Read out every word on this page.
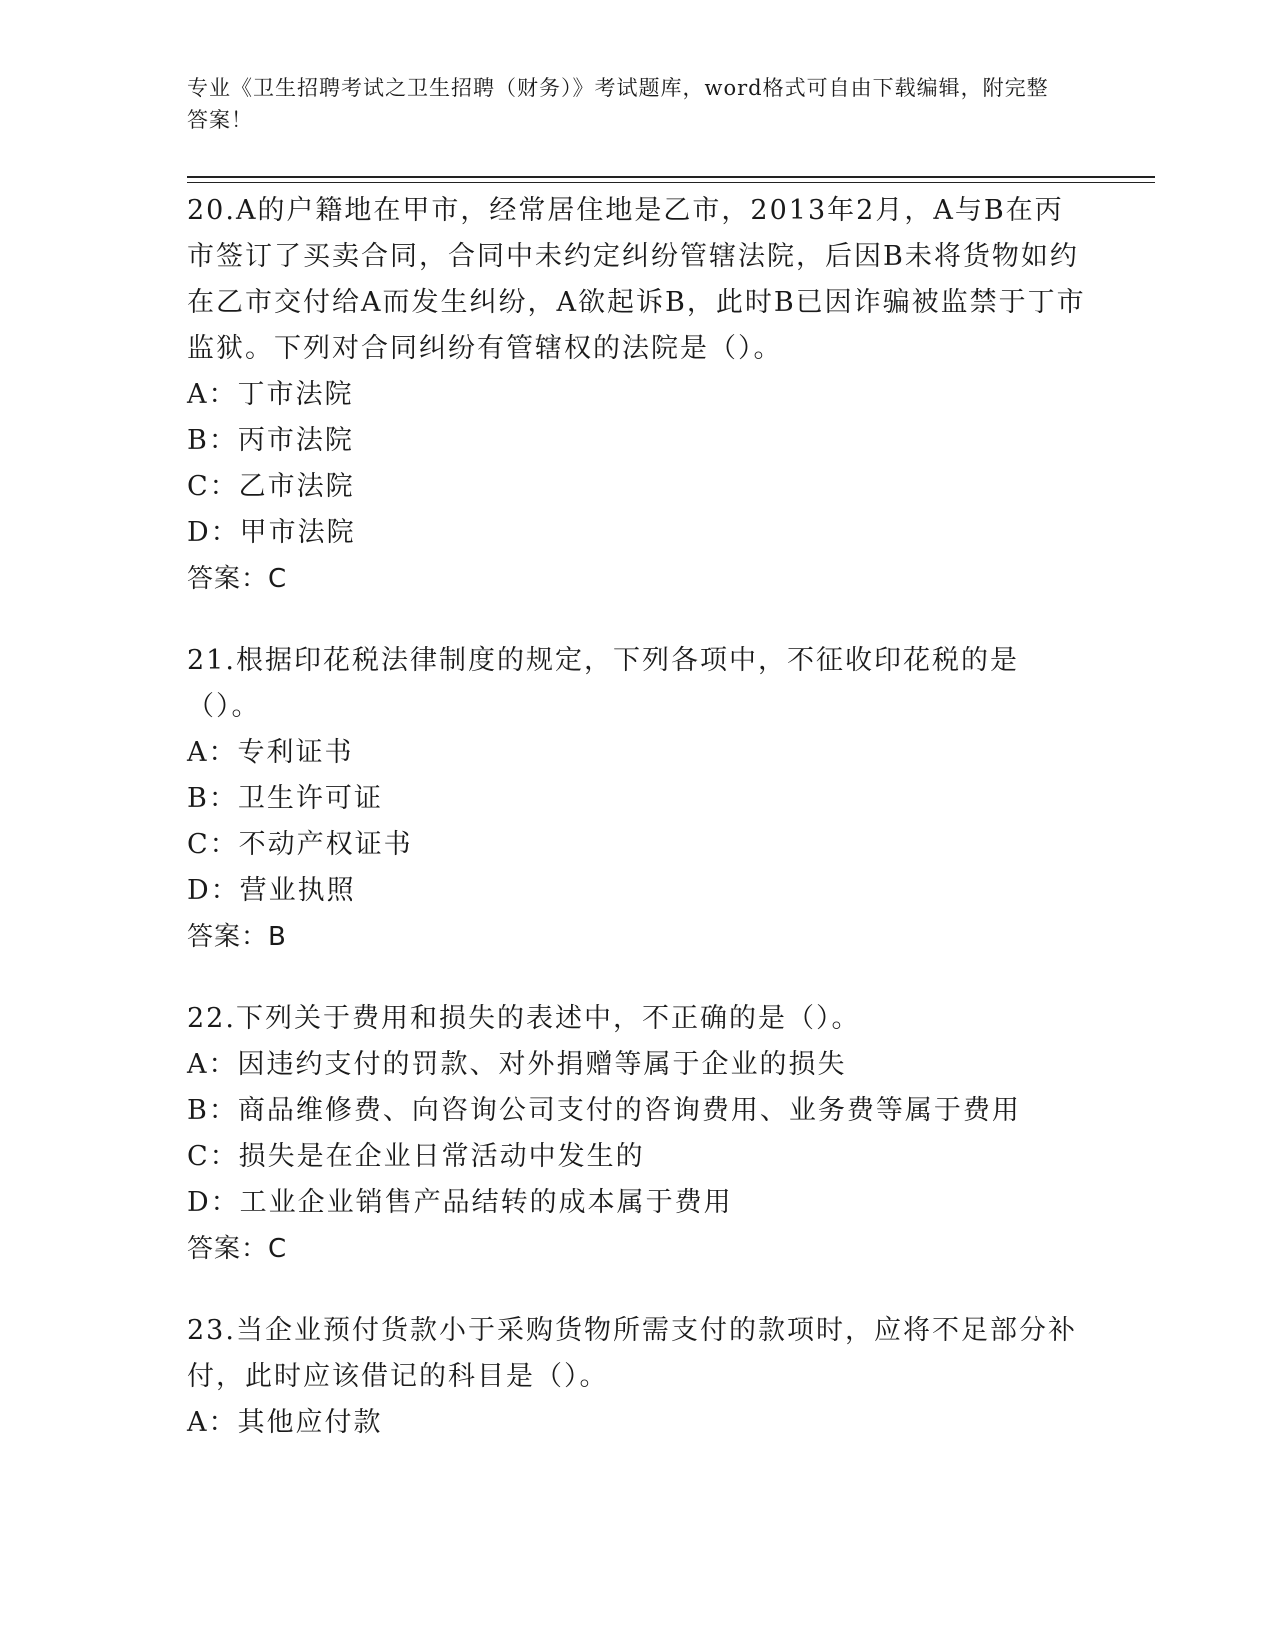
专业《卫生招聘考试之卫生招聘（财务）》考试题库，word格式可自由下载编辑，附完整答案！

20.A的户籍地在甲市，经常居住地是乙市，2013年2月，A与B在丙市签订了买卖合同，合同中未约定纠纷管辖法院，后因B未将货物如约在乙市交付给A而发生纠纷，A欲起诉B，此时B已因诈骗被监禁于丁市监狱。下列对合同纠纷有管辖权的法院是（）。

A：丁市法院
B：丙市法院
C：乙市法院
D：甲市法院
答案：C

21.根据印花税法律制度的规定，下列各项中，不征收印花税的是（）。

A：专利证书
B：卫生许可证
C：不动产权证书
D：营业执照
答案：B

22.下列关于费用和损失的表述中，不正确的是（）。

A：因违约支付的罚款、对外捐赠等属于企业的损失
B：商品维修费、向咨询公司支付的咨询费用、业务费等属于费用
C：损失是在企业日常活动中发生的
D：工业企业销售产品结转的成本属于费用
答案：C

23.当企业预付货款小于采购货物所需支付的款项时，应将不足部分补付，此时应该借记的科目是（）。

A：其他应付款
